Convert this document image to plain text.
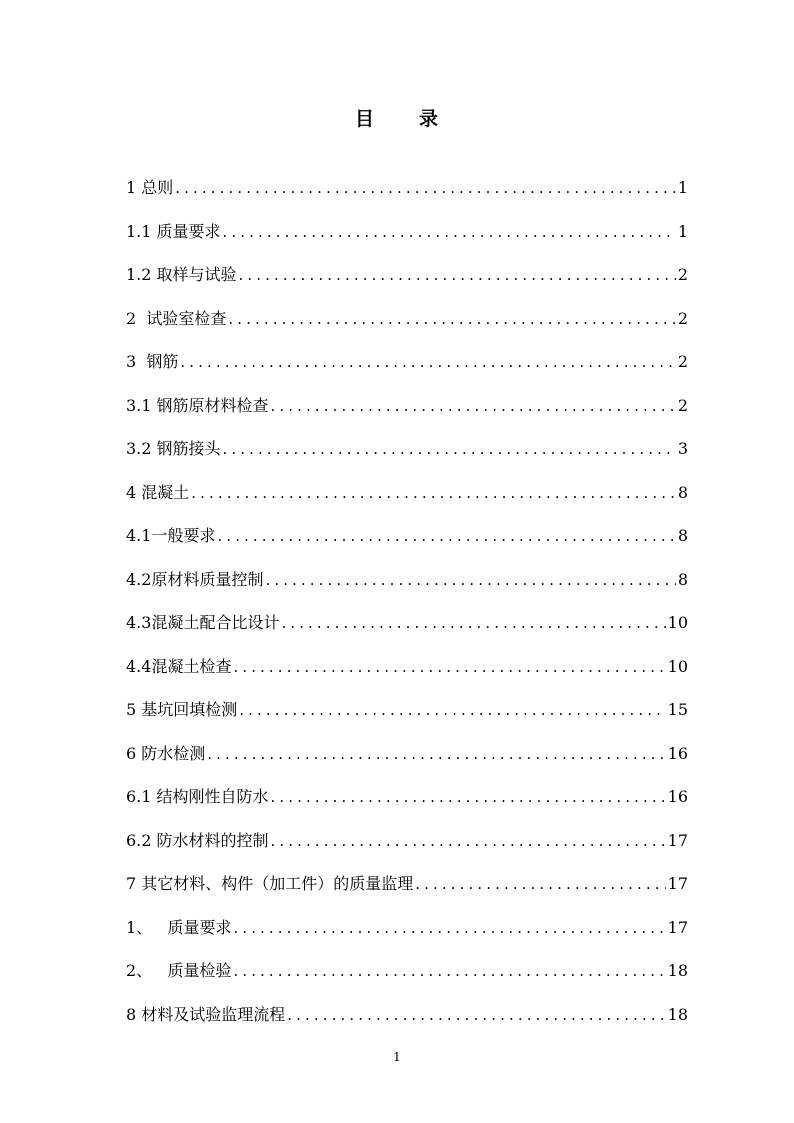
目 录
1 总则 .....	1
1.1 质量要求 .....	1
1.2 取样与试验 .....	2
2  试验室检查 .....	2
3  钢筋 .....	2
3.1 钢筋原材料检查 .....	2
3.2 钢筋接头 .....	3
4 混凝土 .....	8
4.1一般要求 .....	8
4.2原材料质量控制 .....	8
4.3混凝土配合比设计 .....	10
4.4混凝土检查 .....	10
5 基坑回填检测 .....	15
6 防水检测 .....	16
6.1 结构刚性自防水 .....	16
6.2 防水材料的控制 .....	17
7 其它材料、构件（加工件）的质量监理 .....	17
1、   质量要求 .....	17
2、   质量检验 .....	18
8 材料及试验监理流程 .....	18
1
